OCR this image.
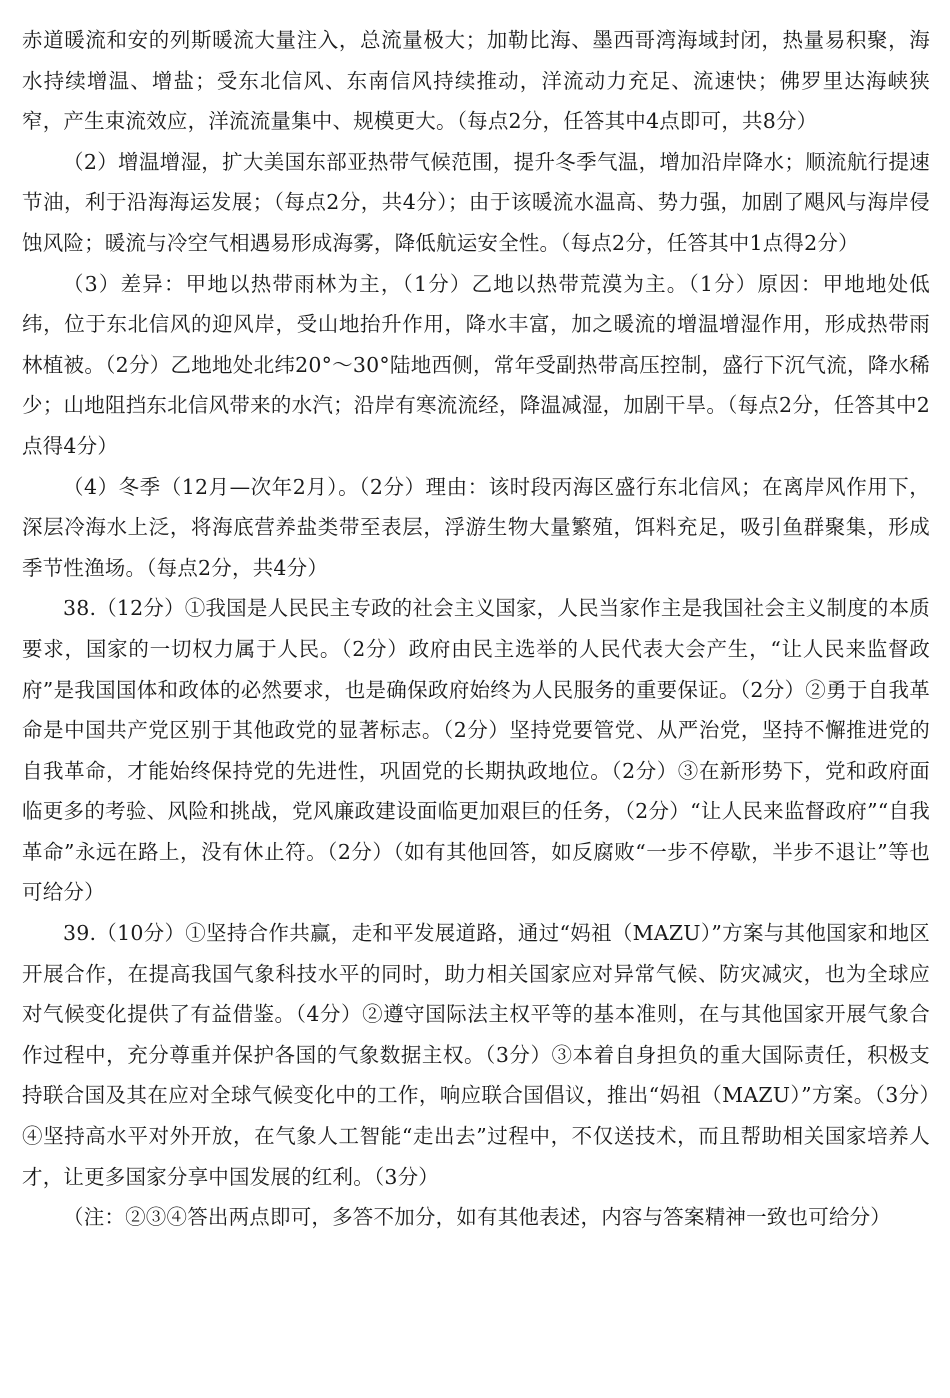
赤道暖流和安的列斯暖流大量注入，总流量极大；加勒比海、墨西哥湾海域封闭，热量易积聚，海水持续增温、增盐；受东北信风、东南信风持续推动，洋流动力充足、流速快；佛罗里达海峡狭窄，产生束流效应，洋流流量集中、规模更大。（每点2分，任答其中4点即可，共8分）

（2）增温增湿，扩大美国东部亚热带气候范围，提升冬季气温，增加沿岸降水；顺流航行提速节油，利于沿海海运发展；（每点2分，共4分）；由于该暖流水温高、势力强，加剧了飓风与海岸侵蚀风险；暖流与冷空气相遇易形成海雾，降低航运安全性。（每点2分，任答其中1点得2分）

（3）差异：甲地以热带雨林为主，（1分）乙地以热带荒漠为主。（1分）原因：甲地地处低纬，位于东北信风的迎风岸，受山地抬升作用，降水丰富，加之暖流的增温增湿作用，形成热带雨林植被。（2分）乙地地处北纬20°～30°陆地西侧，常年受副热带高压控制，盛行下沉气流，降水稀少；山地阻挡东北信风带来的水汽；沿岸有寒流流经，降温减湿，加剧干旱。（每点2分，任答其中2点得4分）

（4）冬季（12月—次年2月）。（2分）理由：该时段丙海区盛行东北信风；在离岸风作用下，深层冷海水上泛，将海底营养盐类带至表层，浮游生物大量繁殖，饵料充足，吸引鱼群聚集，形成季节性渔场。（每点2分，共4分）

38.（12分）①我国是人民民主专政的社会主义国家，人民当家作主是我国社会主义制度的本质要求，国家的一切权力属于人民。（2分）政府由民主选举的人民代表大会产生，“让人民来监督政府”是我国国体和政体的必然要求，也是确保政府始终为人民服务的重要保证。（2分）②勇于自我革命是中国共产党区别于其他政党的显著标志。（2分）坚持党要管党、从严治党，坚持不懈推进党的自我革命，才能始终保持党的先进性，巩固党的长期执政地位。（2分）③在新形势下，党和政府面临更多的考验、风险和挑战，党风廉政建设面临更加艰巨的任务，（2分）“让人民来监督政府”“自我革命”永远在路上，没有休止符。（2分）（如有其他回答，如反腐败“一步不停歇，半步不退让”等也可给分）

39.（10分）①坚持合作共赢，走和平发展道路，通过“妈祖（MAZU）”方案与其他国家和地区开展合作，在提高我国气象科技水平的同时，助力相关国家应对异常气候、防灾减灾，也为全球应对气候变化提供了有益借鉴。（4分）②遵守国际法主权平等的基本准则，在与其他国家开展气象合作过程中，充分尊重并保护各国的气象数据主权。（3分）③本着自身担负的重大国际责任，积极支持联合国及其在应对全球气候变化中的工作，响应联合国倡议，推出“妈祖（MAZU）”方案。（3分）④坚持高水平对外开放，在气象人工智能“走出去”过程中，不仅送技术，而且帮助相关国家培养人才，让更多国家分享中国发展的红利。（3分）

（注：②③④答出两点即可，多答不加分，如有其他表述，内容与答案精神一致也可给分）
